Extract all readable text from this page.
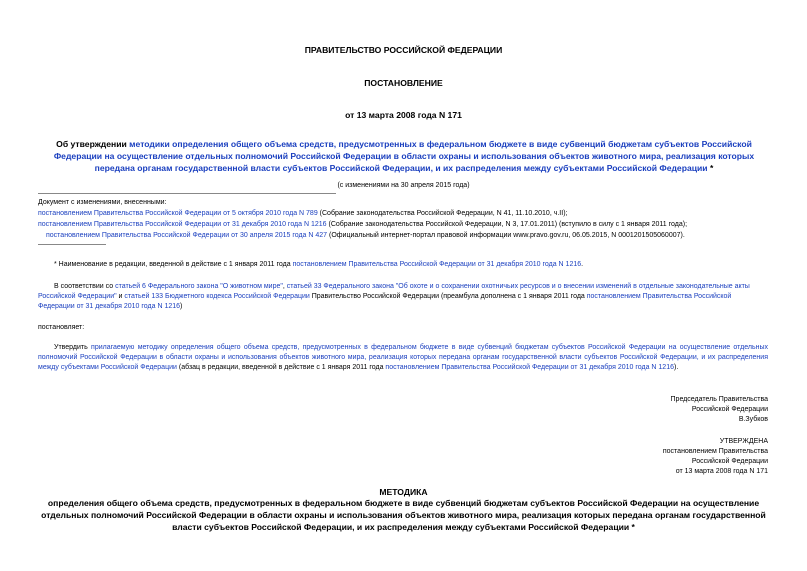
ПРАВИТЕЛЬСТВО РОССИЙСКОЙ ФЕДЕРАЦИИ
ПОСТАНОВЛЕНИЕ
от 13 марта 2008 года N 171
Об утверждении методики определения общего объема средств, предусмотренных в федеральном бюджете в виде субвенций бюджетам субъектов Российской Федерации на осуществление отдельных полномочий Российской Федерации в области охраны и использования объектов животного мира, реализация которых передана органам государственной власти субъектов Российской Федерации, и их распределения между субъектами Российской Федерации *
(с изменениями на 30 апреля 2015 года)
Документ с изменениями, внесенными:
постановлением Правительства Российской Федерации от 5 октября 2010 года N 789 (Собрание законодательства Российской Федерации, N 41, 11.10.2010, ч.II);
постановлением Правительства Российской Федерации от 31 декабря 2010 года N 1216 (Собрание законодательства Российской Федерации, N 3, 17.01.2011) (вступило в силу с 1 января 2011 года);
постановлением Правительства Российской Федерации от 30 апреля 2015 года N 427 (Официальный интернет-портал правовой информации www.pravo.gov.ru, 06.05.2015, N 0001201505060007).
* Наименование в редакции, введенной в действие с 1 января 2011 года постановлением Правительства Российской Федерации от 31 декабря 2010 года N 1216.
В соответствии со статьей 6 Федерального закона "О животном мире", статьей 33 Федерального закона "Об охоте и о сохранении охотничьих ресурсов и о внесении изменений в отдельные законодательные акты Российской Федерации" и статьей 133 Бюджетного кодекса Российской Федерации Правительство Российской Федерации (преамбула дополнена с 1 января 2011 года постановлением Правительства Российской Федерации от 31 декабря 2010 года N 1216)
постановляет:
Утвердить прилагаемую методику определения общего объема средств, предусмотренных в федеральном бюджете в виде субвенций бюджетам субъектов Российской Федерации на осуществление отдельных полномочий Российской Федерации в области охраны и использования объектов животного мира, реализация которых передана органам государственной власти субъектов Российской Федерации, и их распределения между субъектами Российской Федерации (абзац в редакции, введенной в действие с 1 января 2011 года постановлением Правительства Российской Федерации от 31 декабря 2010 года N 1216).
Председатель Правительства
Российской Федерации
В.Зубков
УТВЕРЖДЕНА
постановлением Правительства
Российской Федерации
от 13 марта 2008 года N 171
МЕТОДИКА
определения общего объема средств, предусмотренных в федеральном бюджете в виде субвенций бюджетам субъектов Российской Федерации на осуществление отдельных полномочий Российской Федерации в области охраны и использования объектов животного мира, реализация которых передана органам государственной власти субъектов Российской Федерации, и их распределения между субъектами Российской Федерации *
